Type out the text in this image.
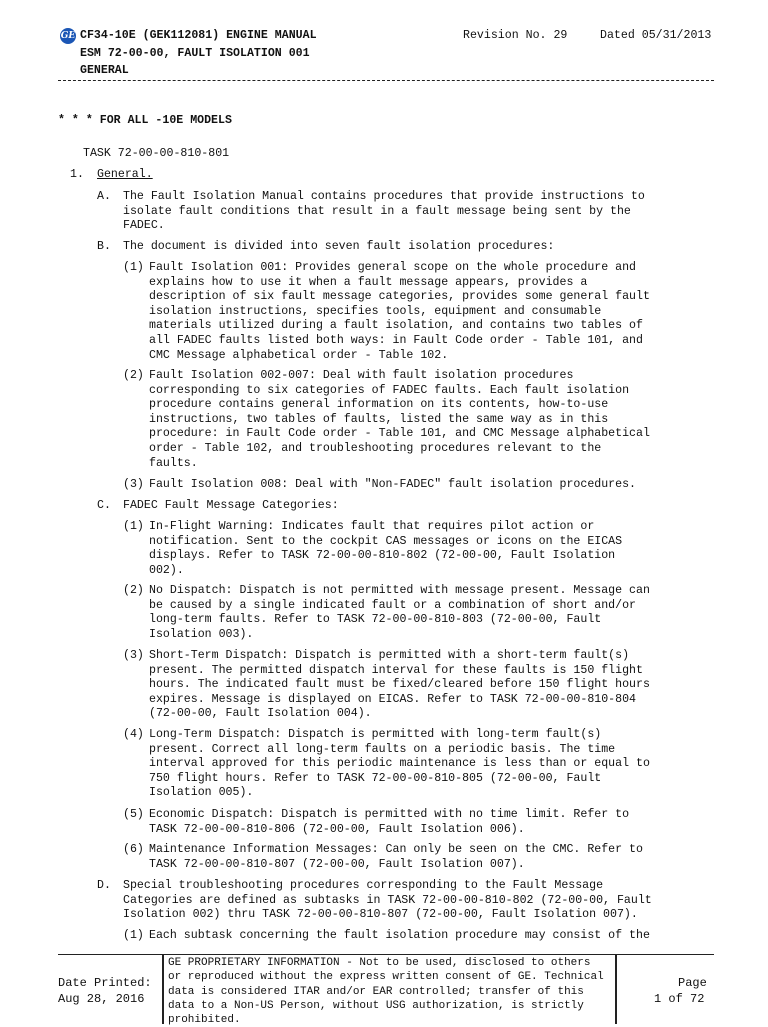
GE CF34-10E (GEK112081) ENGINE MANUAL	Revision No. 29	Dated 05/31/2013
ESM 72-00-00, FAULT ISOLATION 001
GENERAL
* * * FOR ALL -10E MODELS
TASK 72-00-00-810-801
1. General.
A. The Fault Isolation Manual contains procedures that provide instructions to
isolate fault conditions that result in a fault message being sent by the
FADEC.
B. The document is divided into seven fault isolation procedures:
(1) Fault Isolation 001: Provides general scope on the whole procedure and
explains how to use it when a fault message appears, provides a
description of six fault message categories, provides some general fault
isolation instructions, specifies tools, equipment and consumable
materials utilized during a fault isolation, and contains two tables of
all FADEC faults listed both ways: in Fault Code order - Table 101, and
CMC Message alphabetical order - Table 102.
(2) Fault Isolation 002-007: Deal with fault isolation procedures
corresponding to six categories of FADEC faults. Each fault isolation
procedure contains general information on its contents, how-to-use
instructions, two tables of faults, listed the same way as in this
procedure: in Fault Code order - Table 101, and CMC Message alphabetical
order - Table 102, and troubleshooting procedures relevant to the
faults.
(3) Fault Isolation 008: Deal with "Non-FADEC" fault isolation procedures.
C. FADEC Fault Message Categories:
(1) In-Flight Warning: Indicates fault that requires pilot action or
notification. Sent to the cockpit CAS messages or icons on the EICAS
displays. Refer to TASK 72-00-00-810-802 (72-00-00, Fault Isolation
002).
(2) No Dispatch: Dispatch is not permitted with message present. Message can
be caused by a single indicated fault or a combination of short and/or
long-term faults. Refer to TASK 72-00-00-810-803 (72-00-00, Fault
Isolation 003).
(3) Short-Term Dispatch: Dispatch is permitted with a short-term fault(s)
present. The permitted dispatch interval for these faults is 150 flight
hours. The indicated fault must be fixed/cleared before 150 flight hours
expires. Message is displayed on EICAS. Refer to TASK 72-00-00-810-804
(72-00-00, Fault Isolation 004).
(4) Long-Term Dispatch: Dispatch is permitted with long-term fault(s)
present. Correct all long-term faults on a periodic basis. The time
interval approved for this periodic maintenance is less than or equal to
750 flight hours. Refer to TASK 72-00-00-810-805 (72-00-00, Fault
Isolation 005).
(5) Economic Dispatch: Dispatch is permitted with no time limit. Refer to
TASK 72-00-00-810-806 (72-00-00, Fault Isolation 006).
(6) Maintenance Information Messages: Can only be seen on the CMC. Refer to
TASK 72-00-00-810-807 (72-00-00, Fault Isolation 007).
D. Special troubleshooting procedures corresponding to the Fault Message
Categories are defined as subtasks in TASK 72-00-00-810-802 (72-00-00, Fault
Isolation 002) thru TASK 72-00-00-810-807 (72-00-00, Fault Isolation 007).
(1) Each subtask concerning the fault isolation procedure may consist of the
Date Printed:
Aug 28, 2016
GE PROPRIETARY INFORMATION - Not to be used, disclosed to others
or reproduced without the express written consent of GE. Technical
data is considered ITAR and/or EAR controlled; transfer of this
data to a Non-US Person, without USG authorization, is strictly
prohibited.
Page
1 of 72
